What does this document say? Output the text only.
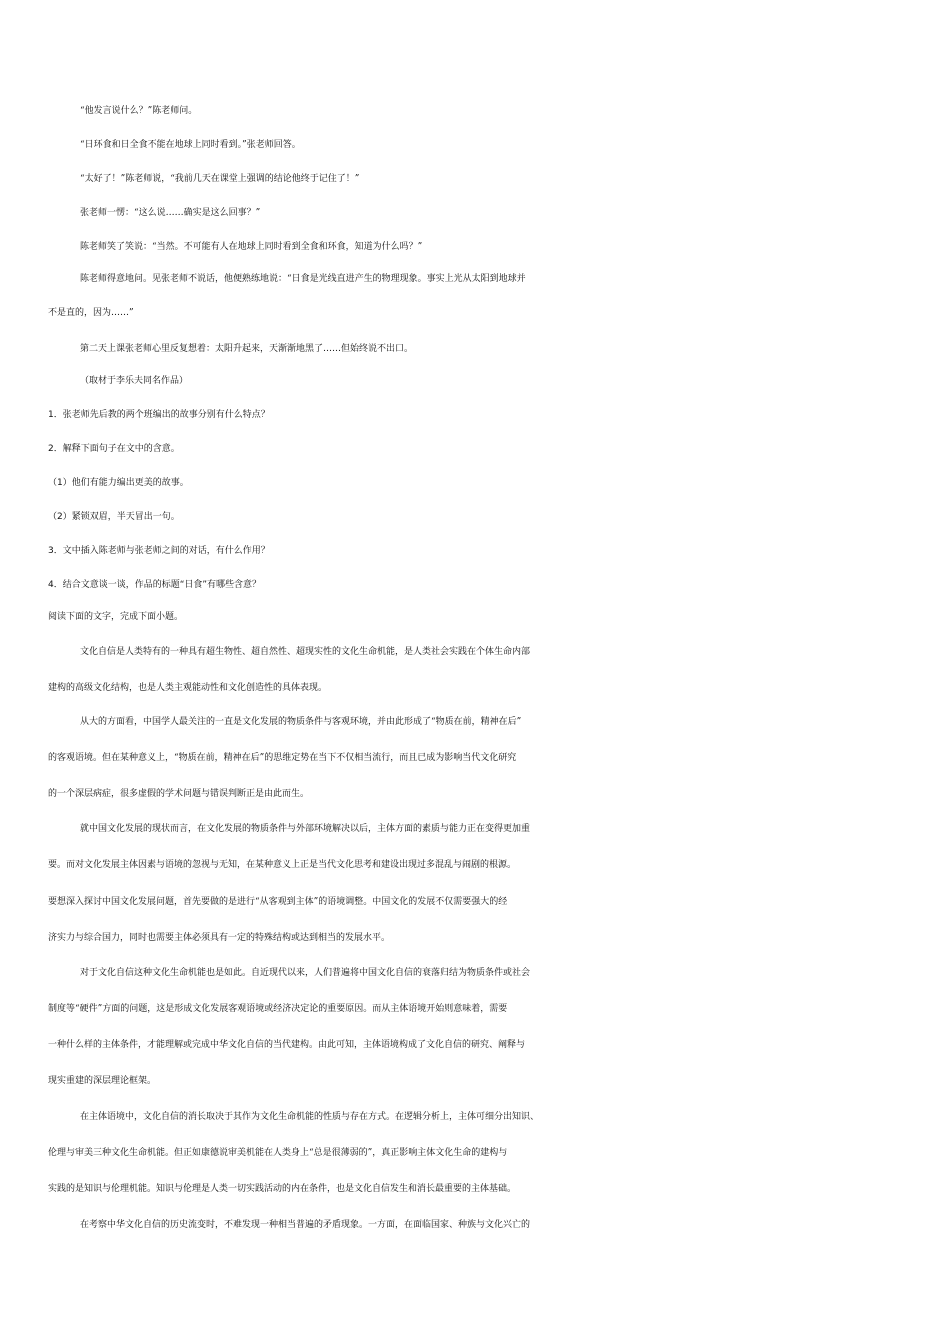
“他发言说什么？”陈老师问。
“日环食和日全食不能在地球上同时看到。”张老师回答。
“太好了！”陈老师说，“我前几天在课堂上强调的结论他终于记住了！”
张老师一愣：“这么说……确实是这么回事？”
陈老师笑了笑说：“当然。不可能有人在地球上同时看到全食和环食，知道为什么吗？”
陈老师得意地问。见张老师不说话，他便熟练地说：“日食是光线直进产生的物理现象。事实上光从太阳到地球并
不是直的，因为……”
第二天上课张老师心里反复想着：太阳升起来，天渐渐地黑了……但始终说不出口。
（取材于李乐夫同名作品）
1．张老师先后教的两个班编出的故事分别有什么特点？
2．解释下面句子在文中的含意。
（1）他们有能力编出更美的故事。
（2）紧锁双眉，半天冒出一句。
3．文中插入陈老师与张老师之间的对话，有什么作用？
4．结合文意谈一谈，作品的标题“日食”有哪些含意？
阅读下面的文字，完成下面小题。
文化自信是人类特有的一种具有超生物性、超自然性、超现实性的文化生命机能，是人类社会实践在个体生命内部
建构的高级文化结构，也是人类主观能动性和文化创造性的具体表现。
从大的方面看，中国学人最关注的一直是文化发展的物质条件与客观环境，并由此形成了“物质在前，精神在后”
的客观语境。但在某种意义上，“物质在前，精神在后”的思维定势在当下不仅相当流行，而且已成为影响当代文化研究
的一个深层病症，很多虚假的学术问题与错误判断正是由此而生。
就中国文化发展的现状而言，在文化发展的物质条件与外部环境解决以后，主体方面的素质与能力正在变得更加重
要。而对文化发展主体因素与语境的忽视与无知，在某种意义上正是当代文化思考和建设出现过多混乱与闹剧的根源。
要想深入探讨中国文化发展问题，首先要做的是进行“从客观到主体”的语境调整。中国文化的发展不仅需要强大的经
济实力与综合国力，同时也需要主体必须具有一定的特殊结构或达到相当的发展水平。
对于文化自信这种文化生命机能也是如此。自近现代以来，人们普遍将中国文化自信的衰落归结为物质条件或社会
制度等“硬件”方面的问题，这是形成文化发展客观语境或经济决定论的重要原因。而从主体语境开始则意味着，需要
一种什么样的主体条件，才能理解或完成中华文化自信的当代建构。由此可知，主体语境构成了文化自信的研究、阐释与
现实重建的深层理论框架。
在主体语境中，文化自信的消长取决于其作为文化生命机能的性质与存在方式。在逻辑分析上，主体可细分出知识、
伦理与审美三种文化生命机能。但正如康德说审美机能在人类身上“总是很薄弱的”，真正影响主体文化生命的建构与
实践的是知识与伦理机能。知识与伦理是人类一切实践活动的内在条件，也是文化自信发生和消长最重要的主体基础。
在考察中华文化自信的历史流变时，不难发现一种相当普遍的矛盾现象。一方面，在面临国家、种族与文化兴亡的
